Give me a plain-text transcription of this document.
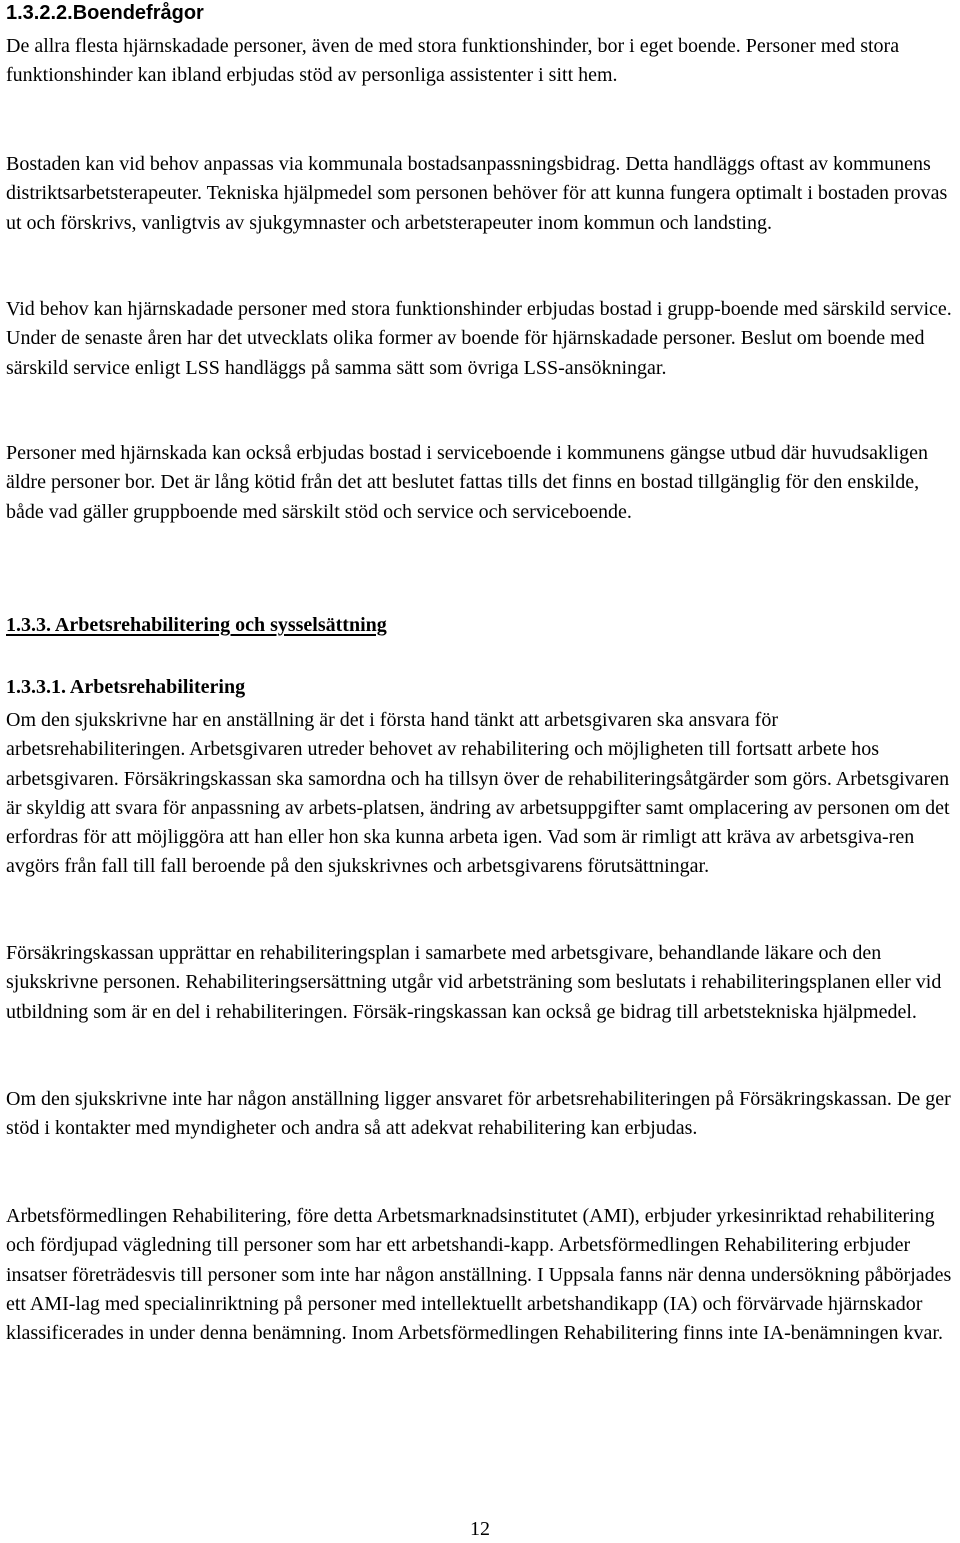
1.3.2.2.Boendefrågor

De allra flesta hjärnskadade personer, även de med stora funktionshinder, bor i eget boende. Personer med stora funktionshinder kan ibland erbjudas stöd av personliga assistenter i sitt hem.

Bostaden kan vid behov anpassas via kommunala bostadsanpassningsbidrag. Detta handläggs oftast av kommunens distriktsarbetsterapeuter. Tekniska hjälpmedel som personen behöver för att kunna fungera optimalt i bostaden provas ut och förskrivs, vanligtvis av sjukgymnaster och arbetsterapeuter inom kommun och landsting.

Vid behov kan hjärnskadade personer med stora funktionshinder erbjudas bostad i grupp-boende med särskild service. Under de senaste åren har det utvecklats olika former av boende för hjärnskadade personer. Beslut om boende med särskild service enligt LSS handläggs på samma sätt som övriga LSS-ansökningar.

Personer med hjärnskada kan också erbjudas bostad i serviceboende i kommunens gängse utbud där huvudsakligen äldre personer bor. Det är lång kötid från det att beslutet fattas tills det finns en bostad tillgänglig för den enskilde, både vad gäller gruppboende med särskilt stöd och service och serviceboende.

1.3.3. Arbetsrehabilitering och sysselsättning
1.3.3.1. Arbetsrehabilitering

Om den sjukskrivne har en anställning är det i första hand tänkt att arbetsgivaren ska ansvara för arbetsrehabiliteringen. Arbetsgivaren utreder behovet av rehabilitering och möjligheten till fortsatt arbete hos arbetsgivaren. Försäkringskassan ska samordna och ha tillsyn över de rehabiliteringsåtgärder som görs. Arbetsgivaren är skyldig att svara för anpassning av arbets-platsen, ändring av arbetsuppgifter samt omplacering av personen om det erfordras för att möjliggöra att han eller hon ska kunna arbeta igen. Vad som är rimligt att kräva av arbetsgiva-ren avgörs från fall till fall beroende på den sjukskrivnes och arbetsgivarens förutsättningar.

Försäkringskassan upprättar en rehabiliteringsplan i samarbete med arbetsgivare, behandlande läkare och den sjukskrivne personen. Rehabiliteringsersättning utgår vid arbetsträning som beslutats i rehabiliteringsplanen eller vid utbildning som är en del i rehabiliteringen. Försäk-ringskassan kan också ge bidrag till arbetstekniska hjälpmedel.

Om den sjukskrivne inte har någon anställning ligger ansvaret för arbetsrehabiliteringen på Försäkringskassan. De ger stöd i kontakter med myndigheter och andra så att adekvat rehabilitering kan erbjudas.

Arbetsförmedlingen Rehabilitering, före detta Arbetsmarknadsinstitutet (AMI), erbjuder yrkesinriktad rehabilitering och fördjupad vägledning till personer som har ett arbetshandi-kapp. Arbetsförmedlingen Rehabilitering erbjuder insatser företrädesvis till personer som inte har någon anställning. I Uppsala fanns när denna undersökning påbörjades ett AMI-lag med specialinriktning på personer med intellektuellt arbetshandikapp (IA) och förvärvade hjärnskador klassificerades in under denna benämning. Inom Arbetsförmedlingen Rehabilitering finns inte IA-benämningen kvar.

12
